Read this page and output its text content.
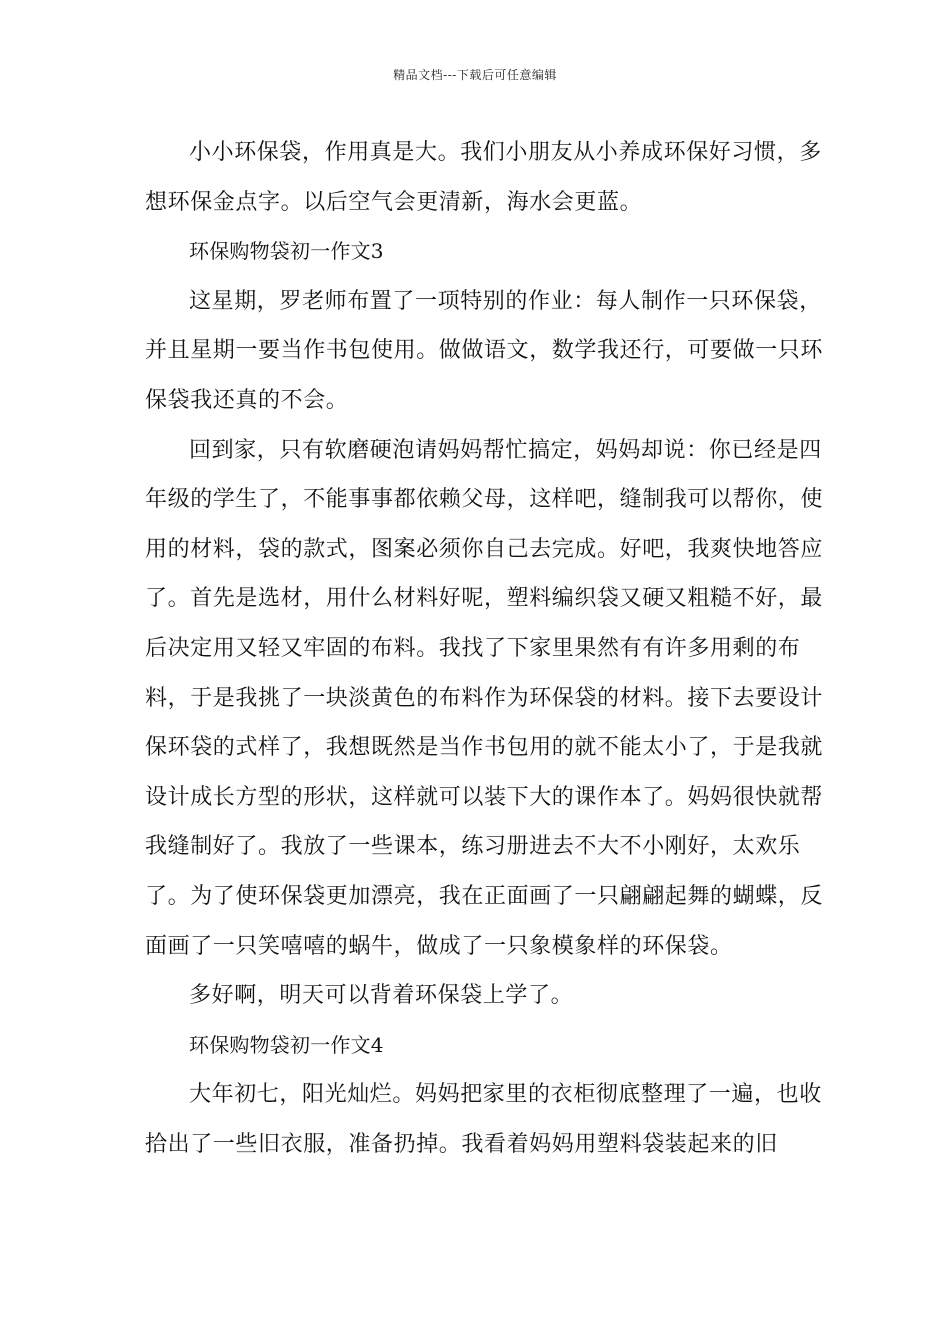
精品文档---下载后可任意编辑

小小环保袋，作用真是大。我们小朋友从小养成环保好习惯，多想环保金点字。以后空气会更清新，海水会更蓝。

环保购物袋初一作文3

这星期，罗老师布置了一项特别的作业：每人制作一只环保袋，并且星期一要当作书包使用。做做语文，数学我还行，可要做一只环保袋我还真的不会。

回到家，只有软磨硬泡请妈妈帮忙搞定，妈妈却说：你已经是四年级的学生了，不能事事都依赖父母，这样吧，缝制我可以帮你，使用的材料，袋的款式，图案必须你自己去完成。好吧，我爽快地答应了。首先是选材，用什么材料好呢，塑料编织袋又硬又粗糙不好，最后决定用又轻又牢固的布料。我找了下家里果然有有许多用剩的布料，于是我挑了一块淡黄色的布料作为环保袋的材料。接下去要设计保环袋的式样了，我想既然是当作书包用的就不能太小了，于是我就设计成长方型的形状，这样就可以装下大的课作本了。妈妈很快就帮我缝制好了。我放了一些课本，练习册进去不大不小刚好，太欢乐了。为了使环保袋更加漂亮，我在正面画了一只翩翩起舞的蝴蝶，反面画了一只笑嘻嘻的蜗牛，做成了一只象模象样的环保袋。

多好啊，明天可以背着环保袋上学了。

环保购物袋初一作文4

大年初七，阳光灿烂。妈妈把家里的衣柜彻底整理了一遍，也收拾出了一些旧衣服，准备扔掉。我看着妈妈用塑料袋装起来的旧
